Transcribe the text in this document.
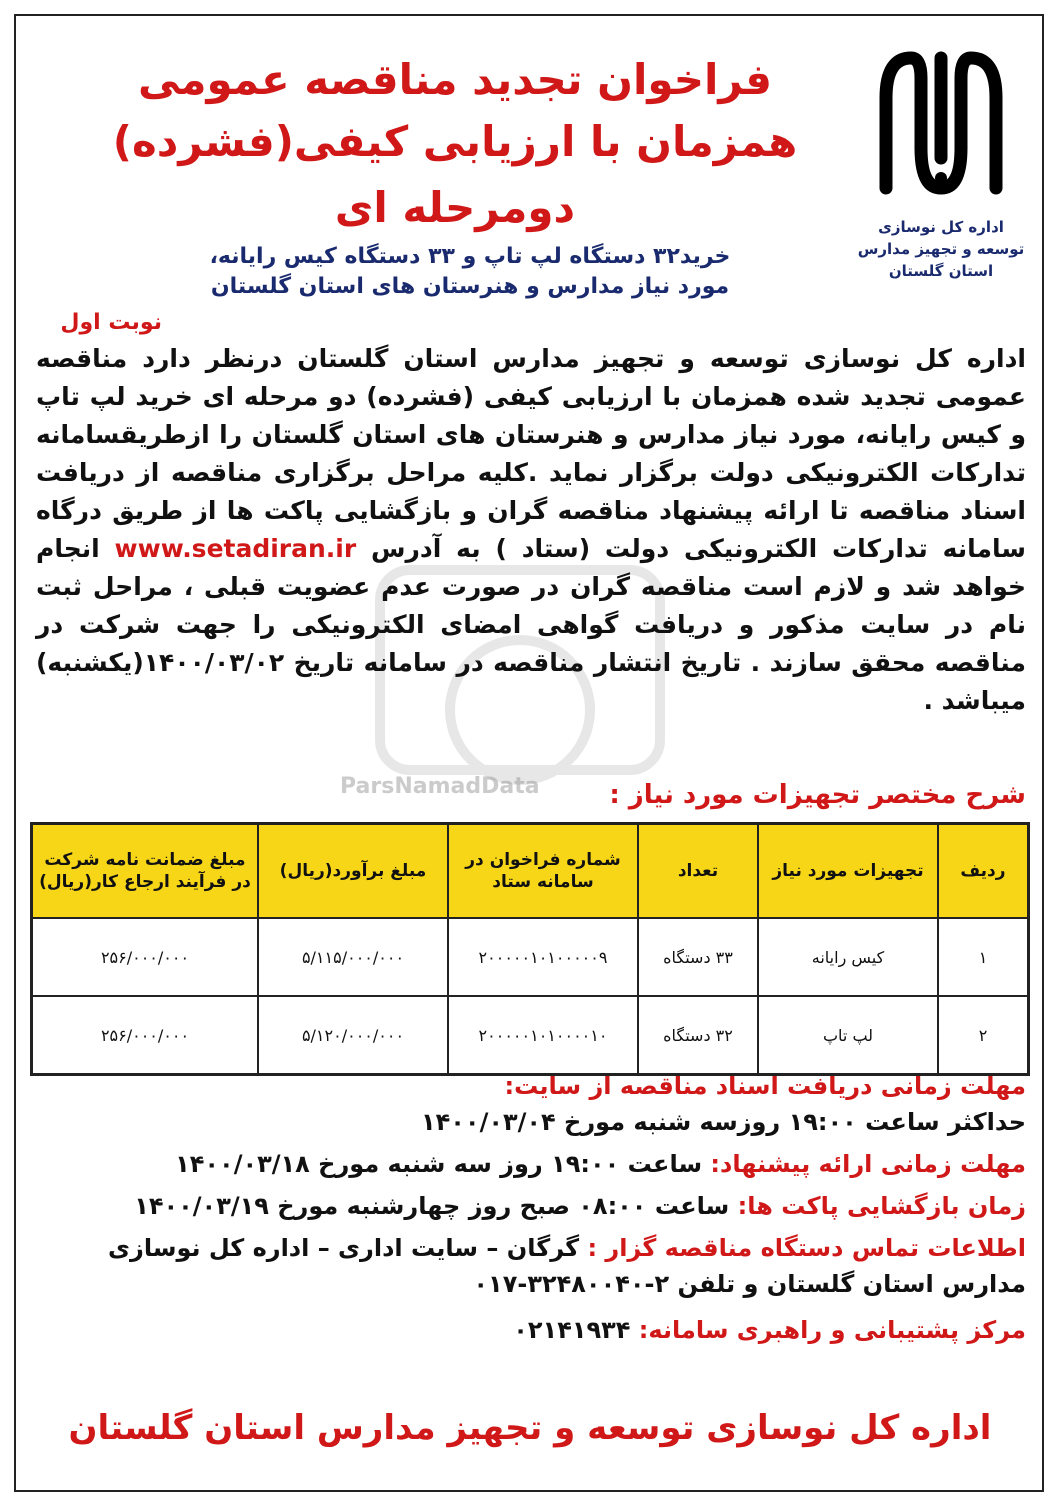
اداره کل نوسازی
توسعه و تجهیز مدارس
استان گلستان
فراخوان تجدید مناقصه عمومی
همزمان با ارزیابی کیفی(فشرده)
دومرحله ای
خرید۳۲ دستگاه لپ تاپ و ۳۳ دستگاه کیس رایانه،
مورد نیاز مدارس و هنرستان های استان گلستان
نوبت اول
اداره کل نوسازی توسعه و تجهیز مدارس استان گلستان درنظر دارد مناقصه عمومی تجدید شده همزمان با ارزیابی کیفی (فشرده) دو مرحله ای خرید لپ تاپ و کیس رایانه، مورد نیاز مدارس و هنرستان های استان گلستان را ازطریقسامانه تدارکات الکترونیکی دولت برگزار نماید .کلیه مراحل برگزاری مناقصه از دریافت اسناد مناقصه تا ارائه پیشنهاد مناقصه گران و بازگشایی پاکت ها از طریق درگاه سامانه تدارکات الکترونیکی دولت (ستاد ) به آدرس www.setadiran.ir انجام خواهد شد و لازم است مناقصه گران در صورت عدم عضویت قبلی ، مراحل ثبت نام در سایت مذکور و دریافت گواهی امضای الکترونیکی را جهت شرکت در مناقصه محقق سازند . تاریخ انتشار مناقصه در سامانه تاریخ ۱۴۰۰/۰۳/۰۲(یکشنبه) میباشد .
ParsNamadData	شرح مختصر تجهیزات مورد نیاز :
ردیف	تجهیزات مورد نیاز	تعداد	شماره فراخوان در سامانه ستاد	مبلغ برآورد(ریال)	مبلغ ضمانت نامه شرکت در فرآیند ارجاع کار(ریال)
۱	کیس رایانه	۳۳ دستگاه	۲۰۰۰۰۰۱۰۱۰۰۰۰۰۹	۵/۱۱۵/۰۰۰/۰۰۰	۲۵۶/۰۰۰/۰۰۰
۲	لپ تاپ	۳۲ دستگاه	۲۰۰۰۰۰۱۰۱۰۰۰۰۱۰	۵/۱۲۰/۰۰۰/۰۰۰	۲۵۶/۰۰۰/۰۰۰
مهلت زمانی دریافت اسناد مناقصه از سایت:
حداکثر ساعت ۱۹:۰۰ روزسه شنبه مورخ ۱۴۰۰/۰۳/۰۴
مهلت زمانی ارائه پیشنهاد: ساعت ۱۹:۰۰ روز سه شنبه مورخ ۱۴۰۰/۰۳/۱۸
زمان بازگشایی پاکت ها: ساعت ۰۸:۰۰ صبح روز چهارشنبه مورخ ۱۴۰۰/۰۳/۱۹
اطلاعات تماس دستگاه مناقصه گزار : گرگان – سایت اداری – اداره کل نوسازی مدارس استان گلستان و تلفن ۲-۳۲۴۸۰۰۴۰-۰۱۷
مرکز پشتیبانی و راهبری سامانه: ۰۲۱۴۱۹۳۴
اداره کل نوسازی توسعه و تجهیز مدارس استان گلستان
